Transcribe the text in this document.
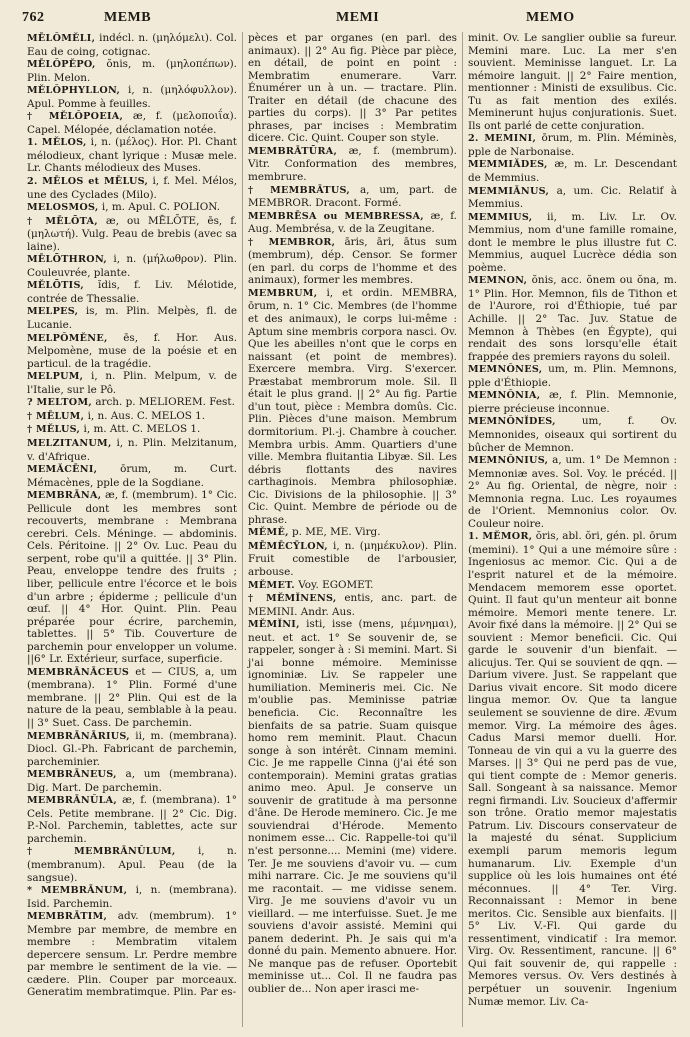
762	MEMB	MEMI	MEMO

MĒLŎMĔLI, indécl. n. (μηλόμελι). Col. Eau de coing, cotignac.

MĒLŎPĔPO, ŏnis, m. (μηλοπέπων). Plin. Melon.

MĔLŎPHYLLON, i, n. (μηλόφυλλον). Apul. Pomme à feuilles.

† MĔLŎPOEIA, æ, f. (μελοποιΐα). Capel. Mélopée, déclamation notée.

1. MĔLOS, i, n. (μέλος). Hor. Pl. Chant mélodieux, chant lyrique : Musæ mele. Lr. Chants mélodieux des Muses.

2. MĒLOS et MĒLUS, i, f. Mel. Mélos, une des Cyclades (Milo).

MELOSMOS, i, m. Apul. C. POLION.

† MĒLŌTA, æ, ou MĒLŌTE, ēs, f. (μηλωτή). Vulg. Peau de brebis (avec sa laine).

MĒLŌTHRON, i, n. (μήλωθρον). Plin. Couleuvrée, plante.

MĔLŌTIS, ĭdis, f. Liv. Mélotide, contrée de Thessalie.

MELPES, is, m. Plin. Melpès, fl. de Lucanie.

MELPŎMĔNE, ēs, f. Hor. Aus. Melpomène, muse de la poésie et en particul. de la tragédie.

MELPUM, i, n. Plin. Melpum, v. de l'Italie, sur le Pô.

? MELTOM, arch. p. MELIOREM. Fest.

† MĒLUM, i, n. Aus. C. MELOS 1.

† MĔLUS, i, m. Att. C. MELOS 1.

MELZITANUM, i, n. Plin. Melzitanum, v. d'Afrique.

MEMĂCĒNI, ōrum, m. Curt. Mémacènes, pple de la Sogdiane.

MEMBRĀNA, æ, f. (membrum). 1° Cic. Pellicule dont les membres sont recouverts, membrane : Membrana cerebri. Cels. Méninge. — abdominis. Cels. Péritoine. || 2° Ov. Luc. Peau du serpent, robe qu'il a quittée. || 3° Plin. Peau, enveloppe tendre des fruits ; liber, pellicule entre l'écorce et le bois d'un arbre ; épiderme ; pellicule d'un œuf. || 4° Hor. Quint. Plin. Peau préparée pour écrire, parchemin, tablettes. || 5° Tib. Couverture de parchemin pour envelopper un volume. ||6° Lr. Extérieur, surface, superficie.

MEMBRĀNĀCEUS et — CIUS, a, um (membrana). 1° Plin. Formé d'une membrane. || 2° Plin. Qui est de la nature de la peau, semblable à la peau. || 3° Suet. Cass. De parchemin.

MEMBRĀNĀRIUS, ii, m. (membrana). Diocl. Gl.-Ph. Fabricant de parchemin, parcheminier.

MEMBRĀNEUS, a, um (membrana). Dig. Mart. De parchemin.

MEMBRĀNŬLA, æ, f. (membrana). 1° Cels. Petite membrane. || 2° Cic. Dig. P.-Nol. Parchemin, tablettes, acte sur parchemin.

† MEMBRĀNŬLUM, i, n. (membranum). Apul. Peau (de la sangsue).

* MEMBRĀNUM, i, n. (membrana). Isid. Parchemin.

MEMBRĀTIM, adv. (membrum). 1° Membre par membre, de membre en membre : Membratim vitalem depercere sensum. Lr. Perdre membre par membre le sentiment de la vie. — cædere. Plin. Couper par morceaux. Generatim membratimque. Plin. Par es-

pèces et par organes (en parl. des animaux). || 2° Au fig. Pièce par pièce, en détail, de point en point : Membratim enumerare. Varr. Énumérer un à un. — tractare. Plin. Traiter en détail (de chacune des parties du corps). || 3° Par petites phrases, par incises : Membratim dicere. Cic. Quint. Couper son style.

MEMBRĀTŪRA, æ, f. (membrum). Vitr. Conformation des membres, membrure.

† MEMBRĀTUS, a, um, part. de MEMBROR. Dracont. Formé.

MEMBRĒSA ou MEMBRESSA, æ, f. Aug. Membrésa, v. de la Zeugitane.

† MEMBROR, āris, āri, ātus sum (membrum), dép. Censor. Se former (en parl. du corps de l'homme et des animaux), former les membres.

MEMBRUM, i, et ordin. MEMBRA, ōrum, n. 1° Cic. Membres (de l'homme et des animaux), le corps lui-même : Aptum sine membris corpora nasci. Ov. Que les abeilles n'ont que le corps en naissant (et point de membres). Exercere membra. Virg. S'exercer. Præstabat membrorum mole. Sil. Il était le plus grand. || 2° Au fig. Partie d'un tout, pièce : Membra domûs. Cic. Plin. Pièces d'une maison. Membrum dormitorium. Pl.-j. Chambre à coucher. Membra urbis. Amm. Quartiers d'une ville. Membra fluitantia Libyæ. Sil. Les débris flottants des navires carthaginois. Membra philosophiæ. Cic. Divisions de la philosophie. || 3° Cic. Quint. Membre de période ou de phrase.

MĔMĚ, p. ME, ME. Virg.

MĒMĒCȲLON, i, n. (μημέκυλον). Plin. Fruit comestible de l'arbousier, arbouse.

MĔMET. Voy. EGOMET.

† MĔMĬNENS, entis, anc. part. de MEMINI. Andr. Aus.

MĔMĬNI, isti, isse (mens, μέμνημαι), neut. et act. 1° Se souvenir de, se rappeler, songer à : Si memini. Mart. Si j'ai bonne mémoire. Meminisse ignominiæ. Liv. Se rappeler une humiliation. Memineris mei. Cic. Ne m'oublie pas. Meminisse patriæ beneficia. Cic. Reconnaître les bienfaits de sa patrie. Suam quisque homo rem meminit. Plaut. Chacun songe à son intérêt. Cinnam memini. Cic. Je me rappelle Cinna (j'ai été son contemporain). Memini gratas gratias animo meo. Apul. Je conserve un souvenir de gratitude à ma personne d'âne. De Herode meminero. Cic. Je me souviendrai d'Hérode. Memento nonimem esse... Cic. Rappelle-toi qu'il n'est personne.... Memini (me) videre. Ter. Je me souviens d'avoir vu. — cum mihi narrare. Cic. Je me souviens qu'il me racontait. — me vidisse senem. Virg. Je me souviens d'avoir vu un vieillard. — me interfuisse. Suet. Je me souviens d'avoir assisté. Memini qui panem dederint. Ph. Je sais qui m'a donné du pain. Memento abnuere. Hor. Ne manque pas de refuser. Oportebit meminisse ut... Col. Il ne faudra pas oublier de... Non aper irasci me-

minit. Ov. Le sanglier oublie sa fureur. Memini mare. Luc. La mer s'en souvient. Meminisse languet. Lr. La mémoire languit. || 2° Faire mention, mentionner : Ministi de exsulibus. Cic. Tu as fait mention des exilés. Meminerunt hujus conjurationis. Suet. Ils ont parlé de cette conjuration.

2. MEMINI, ōrum, m. Plin. Méminès, pple de Narbonaise.

MEMMIĂDES, æ, m. Lr. Descendant de Memmius.

MEMMIĀNUS, a, um. Cic. Relatif à Memmius.

MEMMIUS, ii, m. Liv. Lr. Ov. Memmius, nom d'une famille romaine, dont le membre le plus illustre fut C. Memmius, auquel Lucrèce dédia son poème.

MEMNON, ŏnis, acc. ŏnem ou ŏna, m. 1° Plin. Hor. Memnon, fils de Tithon et de l'Aurore, roi d'Éthiopie, tué par Achille. || 2° Tac. Juv. Statue de Memnon à Thèbes (en Égypte), qui rendait des sons lorsqu'elle était frappée des premiers rayons du soleil.

MEMNŎNES, um, m. Plin. Memnons, pple d'Éthiopie.

MEMNŎNIA, æ, f. Plin. Memnonie, pierre précieuse inconnue.

MEMNŎNĬDES,	um, f. Ov. Memnonides, oiseaux qui sortirent du bûcher de Memnon.

MEMNŎNIUS, a, um. 1° De Memnon : Memnoniæ aves. Sol. Voy. le précéd. || 2° Au fig. Oriental, de nègre, noir : Memnonia regna. Luc. Les royaumes de l'Orient. Memnonius color. Ov. Couleur noire.

1. MĔMOR, ŏris, abl. ŏri, gén. pl. ōrum (memini). 1° Qui a une mémoire sûre : Ingeniosus ac memor. Cic. Qui a de l'esprit naturel et de la mémoire. Mendacem memorem esse oportet. Quint. Il faut qu'un menteur ait bonne mémoire. Memori mente tenere. Lr. Avoir fixé dans la mémoire. || 2° Qui se souvient : Memor beneficii. Cic. Qui garde le souvenir d'un bienfait. — alicujus. Ter. Qui se souvient de qqn. — Darium vivere. Just. Se rappelant que Darius vivait encore. Sit modo dicere lingua memor. Ov. Que ta langue seulement se souvienne de dire. Ævum memor. Virg. La mémoire des âges. Cadus Marsi memor duelli. Hor. Tonneau de vin qui a vu la guerre des Marses. || 3° Qui ne perd pas de vue, qui tient compte de : Memor generis. Sall. Songeant à sa naissance. Memor regni firmandi. Liv. Soucieux d'affermir son trône. Oratio memor majestatis Patrum. Liv. Discours conservateur de la majesté du sénat. Supplicium exempli parum memoris legum humanarum. Liv. Exemple d'un supplice où les lois humaines ont été méconnues. || 4° Ter. Virg. Reconnaissant : Memor in bene meritos. Cic. Sensible aux bienfaits. || 5° Liv. V.-Fl. Qui garde du ressentiment, vindicatif : Ira memor. Virg. Ov. Ressentiment, rancune. || 6° Qui fait souvenir de, qui rappelle : Memores versus. Ov. Vers destinés à perpétuer un souvenir. Ingenium Numæ memor. Liv. Ca-
